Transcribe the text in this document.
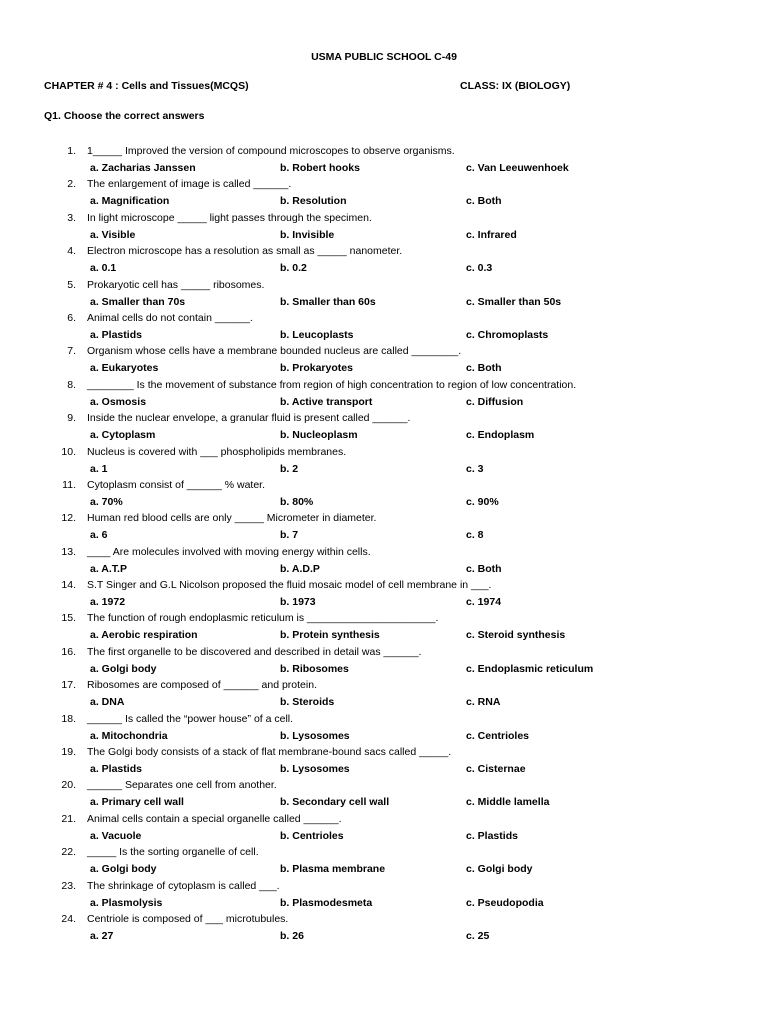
USMA PUBLIC SCHOOL C-49
CHAPTER # 4 : Cells and Tissues(MCQS)	CLASS: IX (BIOLOGY)
Q1. Choose the correct answers
1. 1_____ Improved the version of compound microscopes to observe organisms.
a. Zacharias Janssen	b. Robert hooks	c. Van Leeuwenhoek
2. The enlargement of image is called ______.
a. Magnification	b. Resolution	c. Both
3. In light microscope _____ light passes through the specimen.
a. Visible	b. Invisible	c. Infrared
4. Electron microscope has a resolution as small as _____ nanometer.
a. 0.1	b. 0.2	c. 0.3
5. Prokaryotic cell has _____ ribosomes.
a. Smaller than 70s	b. Smaller than 60s	c. Smaller than 50s
6. Animal cells do not contain ______.
a. Plastids	b. Leucoplasts	c. Chromoplasts
7. Organism whose cells have a membrane bounded nucleus are called ________.
a. Eukaryotes	b. Prokaryotes	c. Both
8. ________ Is the movement of substance from region of high concentration to region of low concentration.
a. Osmosis	b. Active transport	c. Diffusion
9. Inside the nuclear envelope, a granular fluid is present called ______.
a. Cytoplasm	b. Nucleoplasm	c. Endoplasm
10. Nucleus is covered with ___ phospholipids membranes.
a. 1	b. 2	c. 3
11. Cytoplasm consist of ______ % water.
a. 70%	b. 80%	c. 90%
12. Human red blood cells are only _____ Micrometer in diameter.
a. 6	b. 7	c. 8
13. ____ Are molecules involved with moving energy within cells.
a. A.T.P	b. A.D.P	c. Both
14. S.T Singer and G.L Nicolson proposed the fluid mosaic model of cell membrane in ___.
a. 1972	b. 1973	c. 1974
15. The function of rough endoplasmic reticulum is ______________________.
a. Aerobic respiration	b. Protein synthesis	c. Steroid synthesis
16. The first organelle to be discovered and described in detail was ______.
a. Golgi body	b. Ribosomes	c. Endoplasmic reticulum
17. Ribosomes are composed of ______ and protein.
a. DNA	b. Steroids	c. RNA
18. ______ Is called the “power house” of a cell.
a. Mitochondria	b. Lysosomes	c. Centrioles
19. The Golgi body consists of a stack of flat membrane-bound sacs called _____.
a. Plastids	b. Lysosomes	c. Cisternae
20. ______ Separates one cell from another.
a. Primary cell wall	b. Secondary cell wall	c. Middle lamella
21. Animal cells contain a special organelle called ______.
a. Vacuole	b. Centrioles	c. Plastids
22. _____ Is the sorting organelle of cell.
a. Golgi body	b. Plasma membrane	c. Golgi body
23. The shrinkage of cytoplasm is called ___.
a. Plasmolysis	b. Plasmodesmeta	c. Pseudopodia
24. Centriole is composed of ___ microtubules.
a. 27	b. 26	c. 25
